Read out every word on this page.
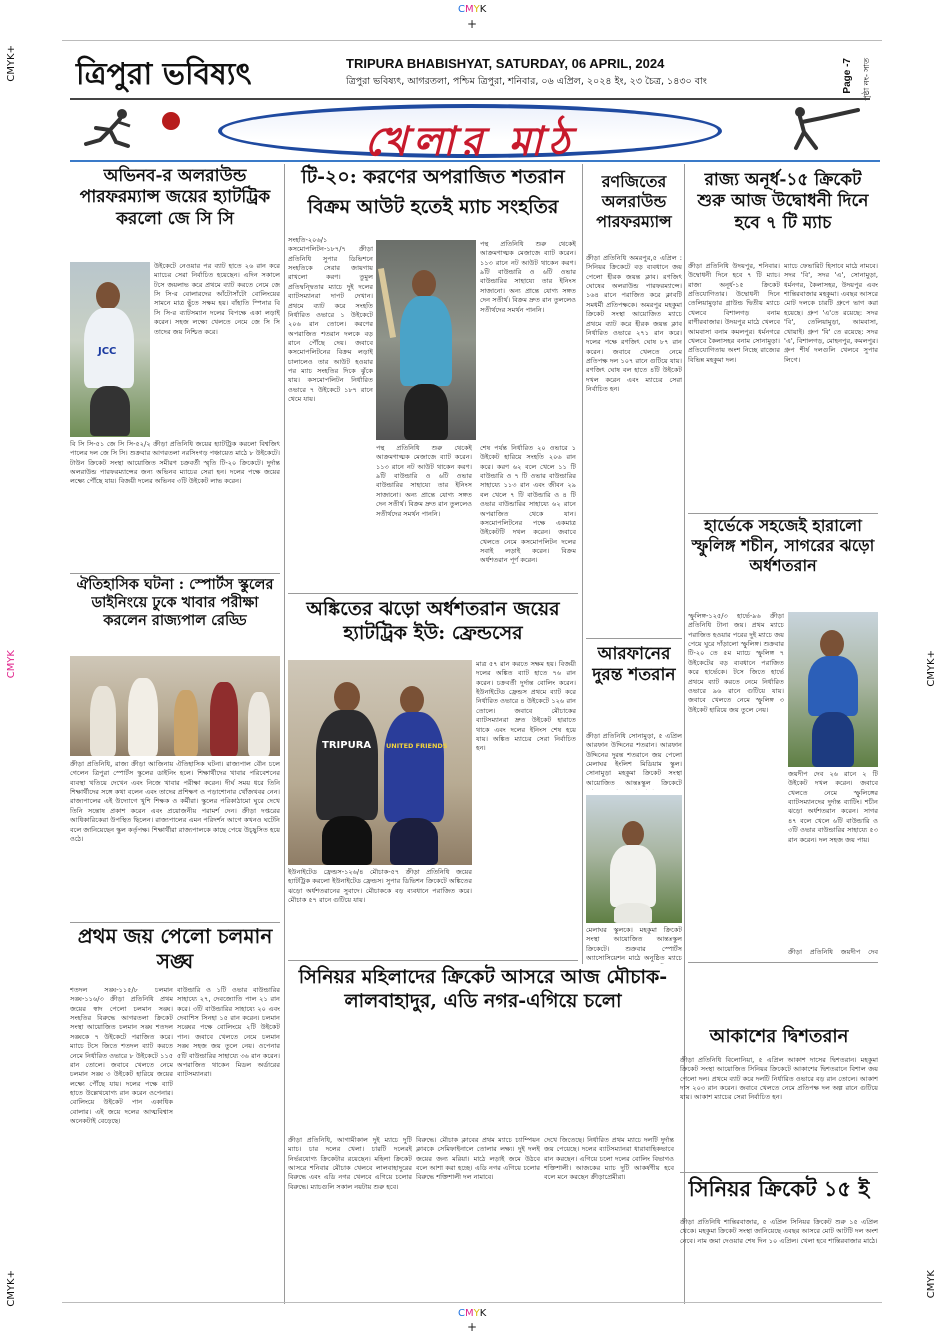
CMYK
+
CMYK
+
CMYK+
CMYK
CMYK+
CMYK+
CMYK
ত্রিপুরা ভবিষ্যৎ	TRIPURA BHABISHYAT, SATURDAY, 06 APRIL, 2024
ত্রিপুরা ভবিষ্যৎ, আগরতলা, পশ্চিম ত্রিপুরা, শনিবার, ০৬ এপ্রিল, ২০২৪ ইং, ২৩ চৈত্র, ১৪৩০ বাং	Page -7 পৃষ্ঠা নং- সাত
খেলার মাঠ
অভিনব-র অলরাউন্ড পারফরম্যান্স জয়ের হ্যাটট্রিক করলো জে সি সি
JCC
উইকেটে নেওয়ার পর ব্যাট হাতে ২৬ রান করে ম্যাচের সেরা নির্বাচিত হয়েছেন। এদিন সকালে টসে জয়লাভ করে প্রথমে ব্যাট করতে নেমে জে সি সি-র বোলারদের আঁটোসাঁটো বোলিংয়ের সামনে মাত্র ছুঁতে সক্ষম হয়। বাঁহাতি স্পিনার বি সি সি-র ব্যাটসম্যান দলের বিপক্ষে একা লড়াই করেন। সহজ লক্ষ্যে খেলতে নেমে জে সি সি তাদের জয় নিশ্চিত করে।
বি সি সি-৫১ জে সি সি-৫২/২ ক্রীড়া প্রতিনিধি জয়ের হ্যাটট্রিক করলো বিশ্বজিৎ পালের দল জে সি সি। শুক্রবার আগরতলা নরসিংগড় পঞ্চায়েত মাঠে ৮ উইকেটে। টাউন ক্রিকেট সংস্থা আয়োজিত সমীরণ চক্রবর্তী স্মৃতি টি-২০ ক্রিকেটে। দুর্দান্ত অলরাউন্ড পারফরম্যান্সের জন্য অভিনব ম্যাচের সেরা হন। দলের পক্ষে জয়ের লক্ষ্যে পৌঁছে যায়। বিজয়ী দলের অভিনব ৩টি উইকেট লাভ করেন।
ঐতিহাসিক ঘটনা : স্পোর্টস স্কুলের ডাইনিংয়ে ঢুকে খাবার পরীক্ষা করলেন রাজ্যপাল রেড্ডি
ক্রীড়া প্রতিনিধি, রাজ্য ক্রীড়া আজিনায় ঐতিহাসিক ঘটনা। রাজ্যপাল বৌন চলে গেলেন ত্রিপুরা স্পোর্টস স্কুলের ডাইনিং হলে। শিক্ষার্থীদের খাবার পরিবেশনের ব্যবস্থা খতিয়ে দেখেন এবং নিজে খাবার পরীক্ষা করেন। দীর্ঘ সময় ধরে তিনি শিক্ষার্থীদের সঙ্গে কথা বলেন এবং তাদের প্রশিক্ষণ ও পড়াশোনার খোঁজখবর নেন। রাজ্যপালের এই উদ্যোগে খুশি শিক্ষক ও কর্মীরা। স্কুলের পরিকাঠামো ঘুরে দেখে তিনি সন্তোষ প্রকাশ করেন এবং প্রয়োজনীয় পরামর্শ দেন। ক্রীড়া দপ্তরের আধিকারিকেরা উপস্থিত ছিলেন। রাজ্যপালের এমন পরিদর্শন আগে কখনও ঘটেনি বলে জানিয়েছেন স্কুল কর্তৃপক্ষ। শিক্ষার্থীরা রাজ্যপালকে কাছে পেয়ে উচ্ছ্বসিত হয়ে ওঠে।
প্রথম জয় পেলো চলমান সঙ্ঘ
শতদল সঙ্ঘ-১১৫/৮ চলমান সঙ্ঘ-১১৬/৩ ক্রীড়া প্রতিনিধি প্রথম জয়ের স্বাদ পেলো চলমান সঙ্ঘ। সংহতির বিরুদ্ধে আগরতলা ক্রিকেট সংস্থা আয়োজিত চলমান সঙ্ঘ শতদল সঙ্ঘকে ৭ উইকেটে পরাজিত করে। ম্যাচে টসে জিতে শতদল ব্যাট করতে নেমে নির্ধারিত ওভারে ৮ উইকেটে ১১৫ রান তোলে। জবাবে খেলতে নেমে চলমান সঙ্ঘ ৩ উইকেট হারিয়ে জয়ের লক্ষ্যে পৌঁছে যায়। দলের পক্ষে ব্যাট হাতে উল্লেখযোগ্য রান করেন ওপেনার। বোলিংয়ে উইকেট পান একাধিক বোলার। এই জয়ে দলের আত্মবিশ্বাস অনেকটাই বেড়েছে।
বাউন্ডারি ও ১টি ওভার বাউন্ডারির সাহায্যে ২৭, দেবজ্যোতি পাল ২১ রান করে। ৩টি বাউন্ডারির সাহায্যে ২০ এবং দেবাশিস সিনহা ১৫ রান করেন। চলমান সঙ্ঘের পক্ষে বোলিংয়ে ২টি উইকেট পান। জবাবে খেলতে নেমে চলমান সঙ্ঘ সহজ জয় তুলে নেয়। ওপেনার ৫টি বাউন্ডারির সাহায্যে ৩৬ রান করেন। অপরাজিত থাকেন মিডল অর্ডারের ব্যাটসম্যানরা।
টি-২০: করণের অপরাজিত শতরান
বিক্রম আউট হতেই ম্যাচ সংহতির
সংহতি-২০৬/১ কসমোপলিটন-১৮৭/৭ ক্রীড়া প্রতিনিধি সুপার ডিভিশনে সংহতিকে সেরার জায়গায় রাখলো করণ। তুমুল প্রতিদ্বন্দ্বিতার ম্যাচে দুই দলের ব্যাটসম্যানরা দাপট দেখান। প্রথমে ব্যাট করে সংহতি নির্ধারিত ওভারে ১ উইকেটে ২০৬ রান তোলে। করণের অপরাজিত শতরান দলকে বড় রানে পৌঁছে দেয়। জবাবে কসমোপলিটনের বিক্রম লড়াই চালালেও তার আউট হওয়ার পর ম্যাচ সংহতির দিকে ঝুঁকে যায়। কসমোপলিটন নির্ধারিত ওভারে ৭ উইকেটে ১৮৭ রানে থেমে যায়।
পন্থ প্রতিনিধি শুরু থেকেই আক্রমণাত্মক মেজাজে ব্যাট করেন। ১১৩ রানে নট আউট থাকেন করণ। ৯টি বাউন্ডারি ও ৬টি ওভার বাউন্ডারির সাহায্যে তার ইনিংস সাজানো। অন্য প্রান্তে যোগ্য সঙ্গত দেন সতীর্থ। বিক্রম দ্রুত রান তুললেও সতীর্থদের সমর্থন পাননি।
পন্থ প্রতিনিধি শুরু থেকেই আক্রমণাত্মক মেজাজে ব্যাট করেন। ১১৩ রানে নট আউট থাকেন করণ। ৯টি বাউন্ডারি ও ৬টি ওভার বাউন্ডারির সাহায্যে তার ইনিংস সাজানো। অন্য প্রান্তে যোগ্য সঙ্গত দেন সতীর্থ। বিক্রম দ্রুত রান তুললেও সতীর্থদের সমর্থন পাননি।
শেষ পর্যন্ত নির্ধারিত ২০ ওভারে ১ উইকেট হারিয়ে সংহতি ২০৬ রান করে। করণ ৬২ বলে খেলে ১১ টি বাউন্ডারি ও ৭ টি ওভার বাউন্ডারির সাহায্যে ১১৩ রান এবং জীবন ২৯ বল খেলে ৭ টি বাউন্ডারি ও ৪ টি ওভার বাউন্ডারির সাহায্যে ৬২ রানে অপরাজিত থেকে যান। কসমোপলিটনের পক্ষে একমাত্র উইকেটটি দখল করেন। জবাবে খেলতে নেমে কসমোপলিটন দলের সবাই লড়াই করেন। বিক্রম অর্ধশতরান পূর্ণ করেন।
অঙ্কিতের ঝড়ো অর্ধশতরান জয়ের হ্যাটট্রিক ইউ: ফ্রেন্ডসের
TRIPURA UNITED FRIENDS
মাত্র ৫৭ রান করতে সক্ষম হয়। বিজয়ী দলের অঙ্কিত ব্যাট হাতে ৭৬ রান করেন। চক্রবর্তী দুর্দান্ত বোলিং করেন। ইউনাইটেড ফ্রেন্ডস প্রথমে ব্যাট করে নির্ধারিত ওভারে ৪ উইকেটে ১২৬ রান তোলে। জবাবে মৌচাকের ব্যাটসম্যানরা দ্রুত উইকেট হারাতে থাকে এবং দলের ইনিংস শেষ হয়ে যায়। অঙ্কিত ম্যাচের সেরা নির্বাচিত হন।
ইউনাইটেড ফ্রেন্ডস-১২৬/৪ মৌচাক-৫৭ ক্রীড়া প্রতিনিধি জয়ের হ্যাটট্রিক করলো ইউনাইটেড ফ্রেন্ডস। সুপার ডিভিশন ক্রিকেটে অঙ্কিতের ঝড়ো অর্ধশতরানের সুবাদে। মৌচাককে বড় ব্যবধানে পরাজিত করে। মৌচাক ৫৭ রানে গুটিয়ে যায়।
সিনিয়র মহিলাদের ক্রিকেট আসরে আজ মৌচাক-লালবাহাদুর, এডি নগর-এগিয়ে চলো
ক্রীড়া প্রতিনিধি, আগামীকাল দুই ম্যাচে দুটি ম্যাচ। চার দলের খেলা। চারটি দলেরই নির্ভরযোগ্য ক্রিকেটার রয়েছেন। মহিলা ক্রিকেট আসরে শনিবার মৌচাক খেলবে লালবাহাদুরের বিরুদ্ধে এবং এডি নগর খেলবে এগিয়ে চলোর বিরুদ্ধে। ম্যাচগুলি সকাল নয়টায় শুরু হবে।
বিরুদ্ধে। মৌচাক ক্লাবের প্রথম ম্যাচে চ্যাম্পিয়ন ক্লাবকে সেমিফাইনালে তোলার লক্ষ্য। দুই দলই জয়ের জন্য মরিয়া। মাঠে লড়াই জমে উঠবে বলে আশা করা হচ্ছে। এডি নগর এগিয়ে চলোর বিরুদ্ধে শক্তিশালী দল নামাবে।
দেখে জিতেছে। নির্ধারিত প্রথম ম্যাচে দলটি দুর্দান্ত জয় পেয়েছে। দলের ব্যাটসম্যানরা ধারাবাহিকভাবে রান করছেন। এগিয়ে চলো দলের বোলিং বিভাগও শক্তিশালী। আজকের ম্যাচ দুটি আকর্ষণীয় হবে বলে মনে করছেন ক্রীড়াপ্রেমীরা।
রণজিতের অলরাউন্ড পারফরম্যান্স
ক্রীড়া প্রতিনিধি অমরপুর,৫ এপ্রিল : সিনিয়র ক্রিকেটে বড় ব্যবধানে জয় পেলো হীরক জয়ন্ত ক্লাব। রণজিৎ ঘোষের অলরাউন্ড পারফরম্যান্সে। ১৬৪ রানে পরাজিত করে ক্লাবটি সমধর্মী প্রতিপক্ষকে। অমরপুর মহকুমা ক্রিকেট সংস্থা আয়োজিত ম্যাচে প্রথমে ব্যাট করে হীরক জয়ন্ত ক্লাব নির্ধারিত ওভারে ২৭১ রান করে। দলের পক্ষে রণজিৎ ঘোষ ৮৭ রান করেন। জবাবে খেলতে নেমে প্রতিপক্ষ দল ১০৭ রানে গুটিয়ে যায়। রণজিৎ ঘোষ বল হাতে ৪টি উইকেট দখল করেন এবং ম্যাচের সেরা নির্বাচিত হন।
আরফানের দুরন্ত শতরান
ক্রীড়া প্রতিনিধি সোনামুড়া, ৫ এপ্রিল আরফান উদ্দিনের শতরান। আরফান উদ্দিনের দুরন্ত শতরানে জয় পেলো মেলাঘর ইংলিশ মিডিয়াম স্কুল। সোনামুড়া মহকুমা ক্রিকেট সংস্থা আয়োজিত আন্তঃস্কুল ক্রিকেটে
মেলাঘর স্কুলকে। মহকুমা ক্রিকেট সংস্থা আয়োজিত আন্তঃস্কুল ক্রিকেটে। শুক্রবার স্পোর্টস অ্যাসোসিয়েশন মাঠে অনুষ্ঠিত ম্যাচে
রাজ্য অনূর্ধ-১৫ ক্রিকেট শুরু আজ উদ্বোধনী দিনে হবে ৭ টি ম্যাচ
ক্রীড়া প্রতিনিধি উদয়পুর, শনিবার। উদ্বোধনী দিনে হবে ৭ টি ম্যাচ। রাজ্য অনূর্ধ-১৫ ক্রিকেট প্রতিযোগিতার। উদ্বোধনী দিনে তেলিয়ামুড়ার গ্রাউন্ড দ্বিতীয় ম্যাচে খেলবে বিশালগড় বনাম রাণীরবাজার। উদয়পুর মাঠে খেলবে আমবাসা বনাম কমলপুর। ধর্মনগরে খেলবে কৈলাসহর বনাম সোনামুড়া। প্রতিযোগিতায় অংশ নিচ্ছে রাজ্যের বিভিন্ন মহকুমা দল।
ম্যাচে ফেভারিট হিসাবে মাঠে নামবে। সদর 'বি', সদর 'এ', সোনামুড়া, ধর্মনগর, কৈলাসহর, উদয়পুর এবং শান্তিরবাজার মহকুমা। এবছর আসরে মোট দলকে চারটি গ্রুপে ভাগ করা হয়েছে। গ্রুপ 'এ'তে রয়েছে: সদর 'বি', তেলিয়ামুড়া, আমবাসা, খোয়াই। গ্রুপ 'বি' তে রয়েছে: সদর 'এ', বিশালগড়, মোহনপুর, কমলপুর। গ্রুপ শীর্ষ দলগুলি খেলবে সুপার লিগে।
হার্ভেকে সহজেই হারালো স্ফুলিঙ্গ শচীন, সাগরের ঝড়ো অর্ধশতরান
স্ফুলিঙ্গ-১২৫/৩ হার্ভে-৯৬ ক্রীড়া প্রতিনিধি টানা জয়। প্রথম ম্যাচে পরাজিত হওয়ার পরের দুই ম্যাচে জয় পেয়ে ঘুরে দাঁড়ালো স্ফুলিঙ্গ। শুক্রবার টি-২০ তে ৫ম ম্যাচে স্ফুলিঙ্গ ৭ উইকেটের বড় ব্যবধানে পরাজিত করে হার্ভেকে। টসে জিতে হার্ভে প্রথমে ব্যাট করতে নেমে নির্ধারিত ওভারে ৯৬ রানে গুটিয়ে যায়। জবাবে খেলতে নেমে স্ফুলিঙ্গ ৩ উইকেট হারিয়ে জয় তুলে নেয়।
জয়দীপ দেব ২৬ রানে ২ টি উইকেট দখল করেন। জবাবে খেলতে নেমে স্ফুলিঙ্গের ব্যাটসম্যানদের দুর্দান্ত ব্যাটিং। শচীন ঝড়ো অর্ধশতরান করেন। সাগর ৪৭ বলে খেলে ৬টি বাউন্ডারি ও ৩টি ওভার বাউন্ডারির সাহায্যে ৫৩ রান করেন। দল সহজ জয় পায়।
ক্রীড়া প্রতিনিধি জয়দীপ দেব
আকাশের দ্বিশতরান
ক্রীড়া প্রতিনিধি বিলোনিয়া, ৫ এপ্রিল আকাশ দাসের দ্বিশতরান। মহকুমা ক্রিকেট সংস্থা আয়োজিত সিনিয়র ক্রিকেটে আকাশের দ্বিশতরানে বিশাল জয় পেলো দল। প্রথমে ব্যাট করে দলটি নির্ধারিত ওভারে বড় রান তোলে। আকাশ দাস ২০৩ রান করেন। জবাবে খেলতে নেমে প্রতিপক্ষ দল অল্প রানে গুটিয়ে যায়। আকাশ ম্যাচের সেরা নির্বাচিত হন।
সিনিয়র ক্রিকেট ১৫ ই
ক্রীড়া প্রতিনিধি শান্তিরবাজার, ৫ এপ্রিল সিনিয়র ক্রিকেট শুরু ১৫ এপ্রিল থেকে। মহকুমা ক্রিকেট সংস্থা জানিয়েছে এবছর আসরে মোট আটটি দল অংশ নেবে। নাম জমা দেওয়ার শেষ দিন ১০ এপ্রিল। খেলা হবে শান্তিরবাজার মাঠে।
